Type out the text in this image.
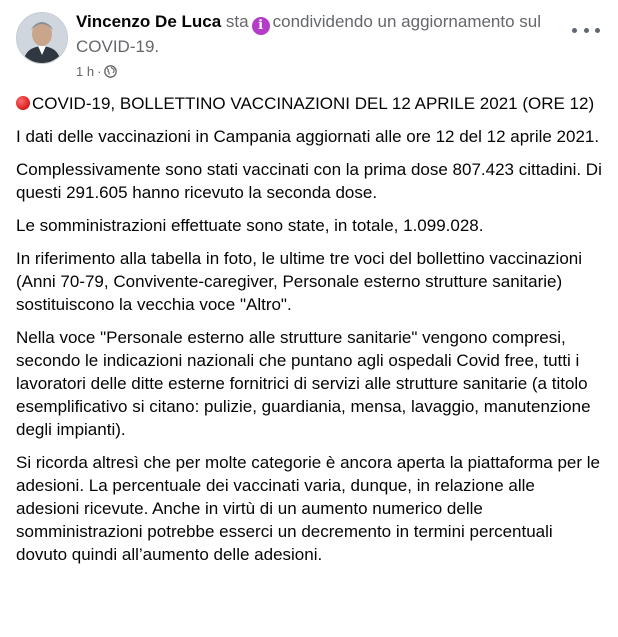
Vincenzo De Luca sta i condividendo un aggiornamento sul COVID-19.
1 h ·

COVID-19, BOLLETTINO VACCINAZIONI DEL 12 APRILE 2021 (ORE 12)

I dati delle vaccinazioni in Campania aggiornati alle ore 12 del 12 aprile 2021.

Complessivamente sono stati vaccinati con la prima dose 807.423 cittadini. Di questi 291.605 hanno ricevuto la seconda dose.

Le somministrazioni effettuate sono state, in totale, 1.099.028.

In riferimento alla tabella in foto, le ultime tre voci del bollettino vaccinazioni (Anni 70-79, Convivente-caregiver, Personale esterno strutture sanitarie) sostituiscono la vecchia voce "Altro".

Nella voce "Personale esterno alle strutture sanitarie" vengono compresi, secondo le indicazioni nazionali che puntano agli ospedali Covid free, tutti i lavoratori delle ditte esterne fornitrici di servizi alle strutture sanitarie (a titolo esemplificativo si citano: pulizie, guardiania, mensa, lavaggio, manutenzione degli impianti).

Si ricorda altresì che per molte categorie è ancora aperta la piattaforma per le adesioni. La percentuale dei vaccinati varia, dunque, in relazione alle adesioni ricevute. Anche in virtù di un aumento numerico delle somministrazioni potrebbe esserci un decremento in termini percentuali dovuto quindi all’aumento delle adesioni.
